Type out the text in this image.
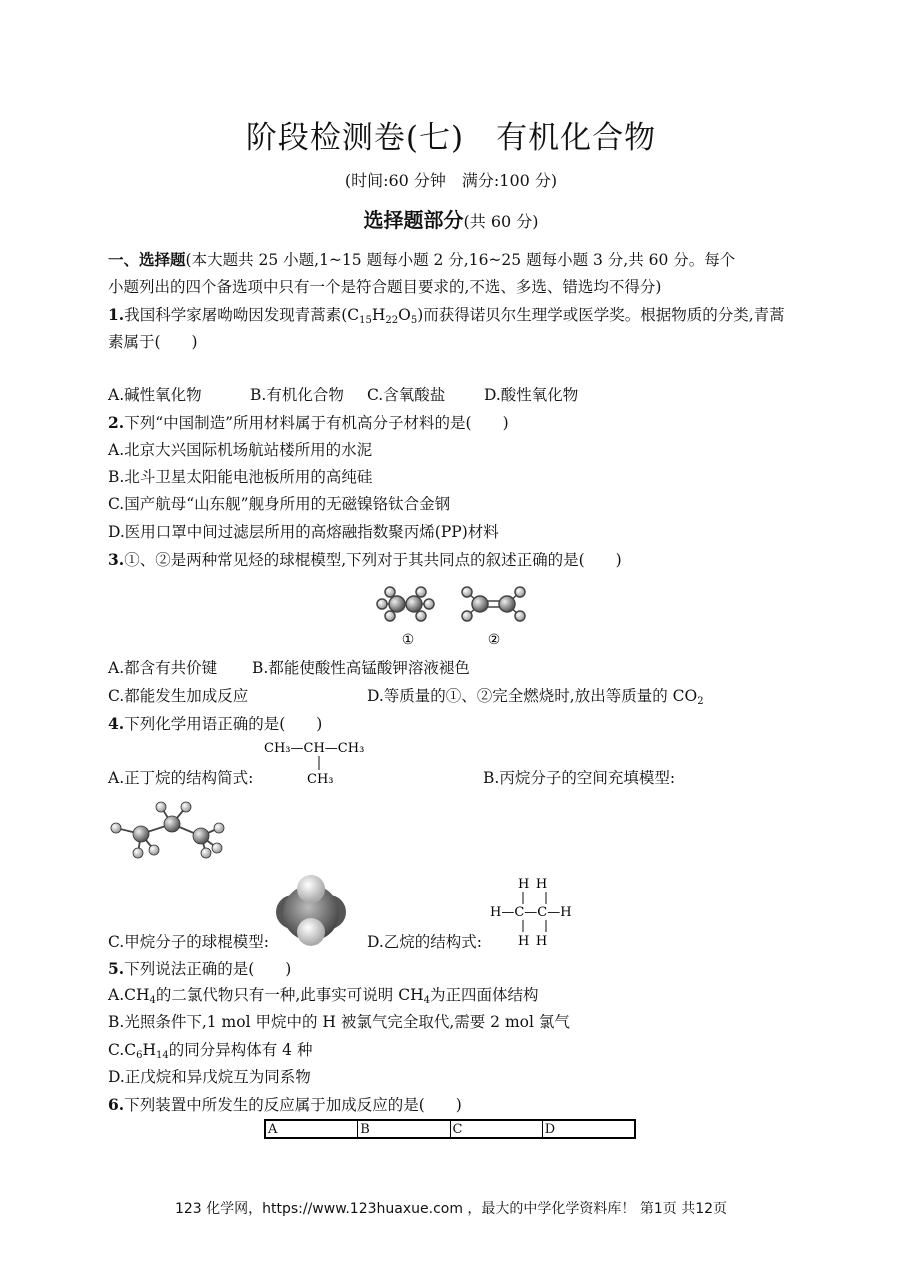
阶段检测卷(七)　有机化合物
(时间:60 分钟　满分:100 分)
选择题部分(共 60 分)
一、选择题(本大题共 25 小题,1~15 题每小题 2 分,16~25 题每小题 3 分,共 60 分。每个
小题列出的四个备选项中只有一个是符合题目要求的,不选、多选、错选均不得分)
1.我国科学家屠呦呦因发现青蒿素$(C_{15}H_{22}O_5)$而获得诺贝尔生理学或医学奖。根据物质的分类,青蒿
素属于(　　)
A.碱性氧化物	B.有机化合物 C.含氧酸盐	D.酸性氧化物
2.下列“中国制造”所用材料属于有机高分子材料的是(　　)
A.北京大兴国际机场航站楼所用的水泥
B.北斗卫星太阳能电池板所用的高纯硅
C.国产航母“山东舰”舰身所用的无磁镍铬钛合金钢
D.医用口罩中间过滤层所用的高熔融指数聚丙烯(PP)材料
3.①、②是两种常见烃的球棍模型,下列对于其共同点的叙述正确的是(　　)
①	②
A.都含有共价键 B.都能使酸性高锰酸钾溶液褪色
C.都能发生加成反应	D.等质量的①、②完全燃烧时,放出等质量的 $CO_2$
4.下列化学用语正确的是(　　)
CH₃—CH—CH₃
CH₃
A.正丁烷的结构简式:	B.丙烷分子的空间充填模型:
C.甲烷分子的球棍模型:	D.乙烷的结构式:
H H
H—C—C—H
H H
5.下列说法正确的是(　　)
$A.CH_4$的二氯代物只有一种,此事实可说明 $CH_4$为正四面体结构
B.光照条件下,1 mol 甲烷中的 H 被氯气完全取代,需要 2 mol 氯气
$C.C_6H_{14}$的同分异构体有 4 种
D.正戊烷和异戊烷互为同系物
6.下列装置中所发生的反应属于加成反应的是(　　)
A	B	C	D
123 化学网，https://www.123huaxue.com ，最大的中学化学资料库！ 第1页 共12页
